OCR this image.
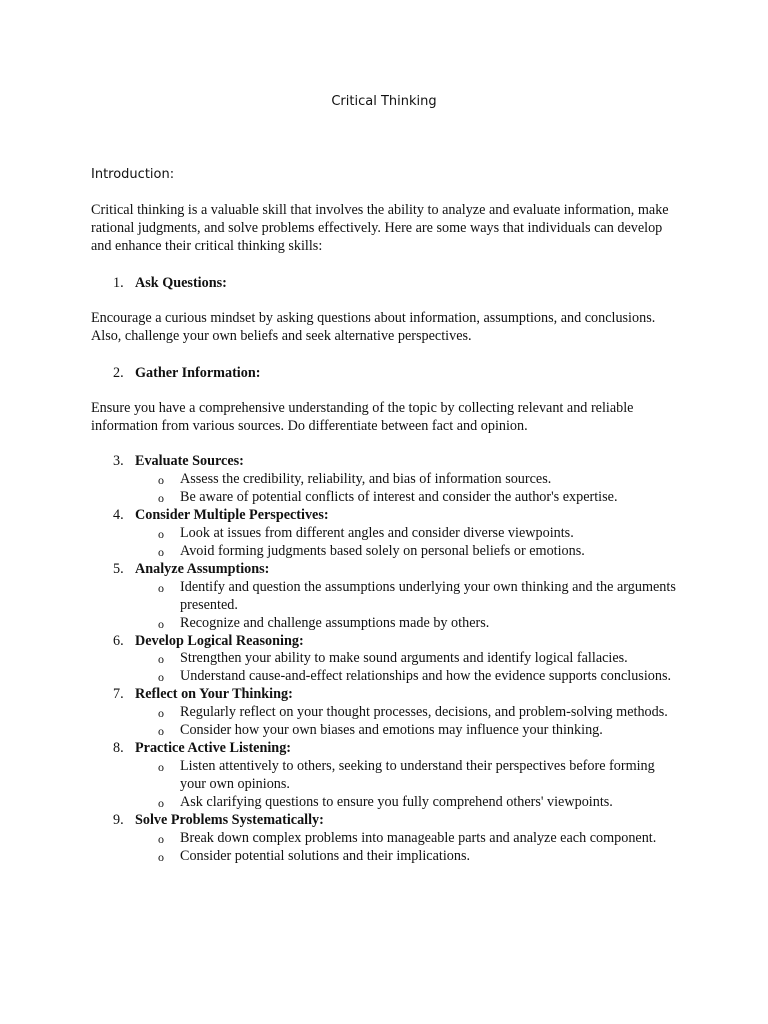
Critical Thinking
Introduction:

Critical thinking is a valuable skill that involves the ability to analyze and evaluate information, make rational judgments, and solve problems effectively. Here are some ways that individuals can develop and enhance their critical thinking skills:

1. Ask Questions:

Encourage a curious mindset by asking questions about information, assumptions, and conclusions. Also, challenge your own beliefs and seek alternative perspectives.

2. Gather Information:

Ensure you have a comprehensive understanding of the topic by collecting relevant and reliable information from various sources. Do differentiate between fact and opinion.

3. Evaluate Sources:
o	Assess the credibility, reliability, and bias of information sources.
o	Be aware of potential conflicts of interest and consider the author's expertise.
4. Consider Multiple Perspectives:
o	Look at issues from different angles and consider diverse viewpoints.
o	Avoid forming judgments based solely on personal beliefs or emotions.
5. Analyze Assumptions:
o	Identify and question the assumptions underlying your own thinking and the arguments presented.
o	Recognize and challenge assumptions made by others.
6. Develop Logical Reasoning:
o	Strengthen your ability to make sound arguments and identify logical fallacies.
o	Understand cause-and-effect relationships and how the evidence supports conclusions.
7. Reflect on Your Thinking:
o	Regularly reflect on your thought processes, decisions, and problem-solving methods.
o	Consider how your own biases and emotions may influence your thinking.
8. Practice Active Listening:
o	Listen attentively to others, seeking to understand their perspectives before forming your own opinions.
o	Ask clarifying questions to ensure you fully comprehend others' viewpoints.
9. Solve Problems Systematically:
o	Break down complex problems into manageable parts and analyze each component.
o	Consider potential solutions and their implications.
